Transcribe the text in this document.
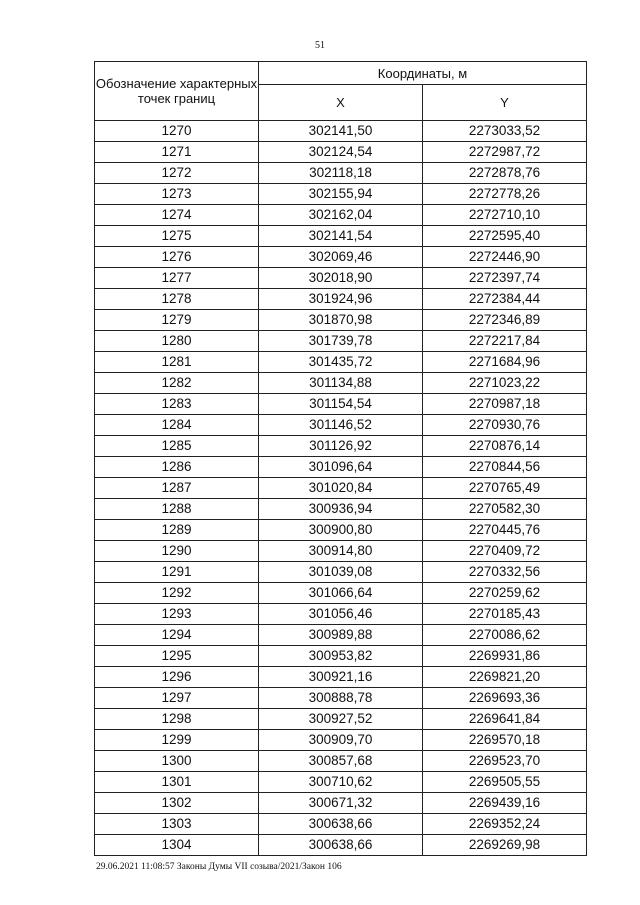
51
Обозначение характерных точек границ	Координаты, м	
	X	Y
1270	302141,50	2273033,52
1271	302124,54	2272987,72
1272	302118,18	2272878,76
1273	302155,94	2272778,26
1274	302162,04	2272710,10
1275	302141,54	2272595,40
1276	302069,46	2272446,90
1277	302018,90	2272397,74
1278	301924,96	2272384,44
1279	301870,98	2272346,89
1280	301739,78	2272217,84
1281	301435,72	2271684,96
1282	301134,88	2271023,22
1283	301154,54	2270987,18
1284	301146,52	2270930,76
1285	301126,92	2270876,14
1286	301096,64	2270844,56
1287	301020,84	2270765,49
1288	300936,94	2270582,30
1289	300900,80	2270445,76
1290	300914,80	2270409,72
1291	301039,08	2270332,56
1292	301066,64	2270259,62
1293	301056,46	2270185,43
1294	300989,88	2270086,62
1295	300953,82	2269931,86
1296	300921,16	2269821,20
1297	300888,78	2269693,36
1298	300927,52	2269641,84
1299	300909,70	2269570,18
1300	300857,68	2269523,70
1301	300710,62	2269505,55
1302	300671,32	2269439,16
1303	300638,66	2269352,24
1304	300638,66	2269269,98
29.06.2021 11:08:57 Законы Думы VII созыва/2021/Закон 106
